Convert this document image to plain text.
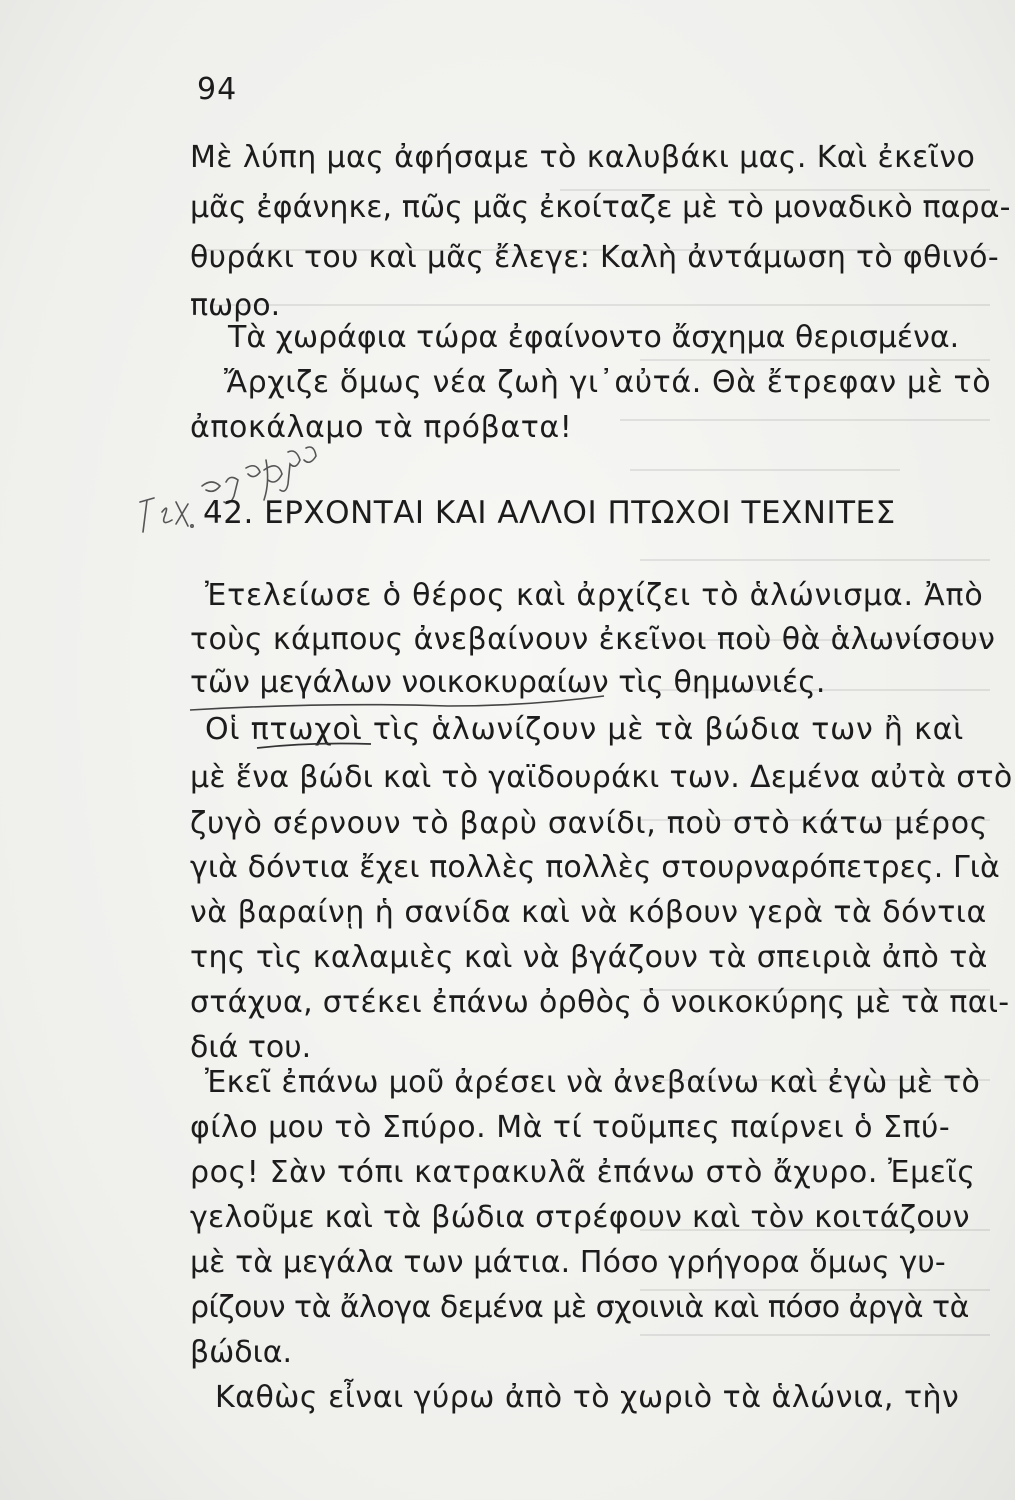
94
Μὲ λύπη μας ἀφήσαμε τὸ καλυβάκι μας. Καὶ ἐκεῖνο
μᾶς ἐφάνηκε, πῶς μᾶς ἐκοίταζε μὲ τὸ μοναδικὸ παρα-
θυράκι του καὶ μᾶς ἔλεγε: Καλὴ ἀντάμωση τὸ φθινό-
πωρο.
Τὰ χωράφια τώρα ἐφαίνοντο ἄσχημα θερισμένα.
Ἄρχιζε ὅμως νέα ζωὴ γι᾿αὐτά. Θὰ ἔτρεφαν μὲ τὸ
ἀποκάλαμο τὰ πρόβατα!
42. ΕΡΧΟΝΤΑΙ ΚΑΙ ΑΛΛΟΙ ΠΤΩΧΟΙ ΤΕΧΝΙΤΕΣ
Ἐτελείωσε ὁ θέρος καὶ ἀρχίζει τὸ ἁλώνισμα. Ἀπὸ
τοὺς κάμπους ἀνεβαίνουν ἐκεῖνοι ποὺ θὰ ἁλωνίσουν
τῶν μεγάλων νοικοκυραίων τὶς θημωνιές.
Οἱ πτωχοὶ τὶς ἁλωνίζουν μὲ τὰ βώδια των ἢ καὶ
μὲ ἕνα βώδι καὶ τὸ γαϊδουράκι των. Δεμένα αὐτὰ στὸ
ζυγὸ σέρνουν τὸ βαρὺ σανίδι, ποὺ στὸ κάτω μέρος
γιὰ δόντια ἔχει πολλὲς πολλὲς στουρναρόπετρες. Γιὰ
νὰ βαραίνῃ ἡ σανίδα καὶ νὰ κόβουν γερὰ τὰ δόντια
της τὶς καλαμιὲς καὶ νὰ βγάζουν τὰ σπειριὰ ἀπὸ τὰ
στάχυα, στέκει ἐπάνω ὀρθὸς ὁ νοικοκύρης μὲ τὰ παι-
διά του.
Ἐκεῖ ἐπάνω μοῦ ἀρέσει νὰ ἀνεβαίνω καὶ ἐγὼ μὲ τὸ
φίλο μου τὸ Σπύρο. Μὰ τί τοῦμπες παίρνει ὁ Σπύ-
ρος! Σὰν τόπι κατρακυλᾶ ἐπάνω στὸ ἄχυρο. Ἐμεῖς
γελοῦμε καὶ τὰ βώδια στρέφουν καὶ τὸν κοιτάζουν
μὲ τὰ μεγάλα των μάτια. Πόσο γρήγορα ὅμως γυ-
ρίζουν τὰ ἄλογα δεμένα μὲ σχοινιὰ καὶ πόσο ἀργὰ τὰ
βώδια.
Καθὼς εἶναι γύρω ἀπὸ τὸ χωριὸ τὰ ἁλώνια, τὴν
